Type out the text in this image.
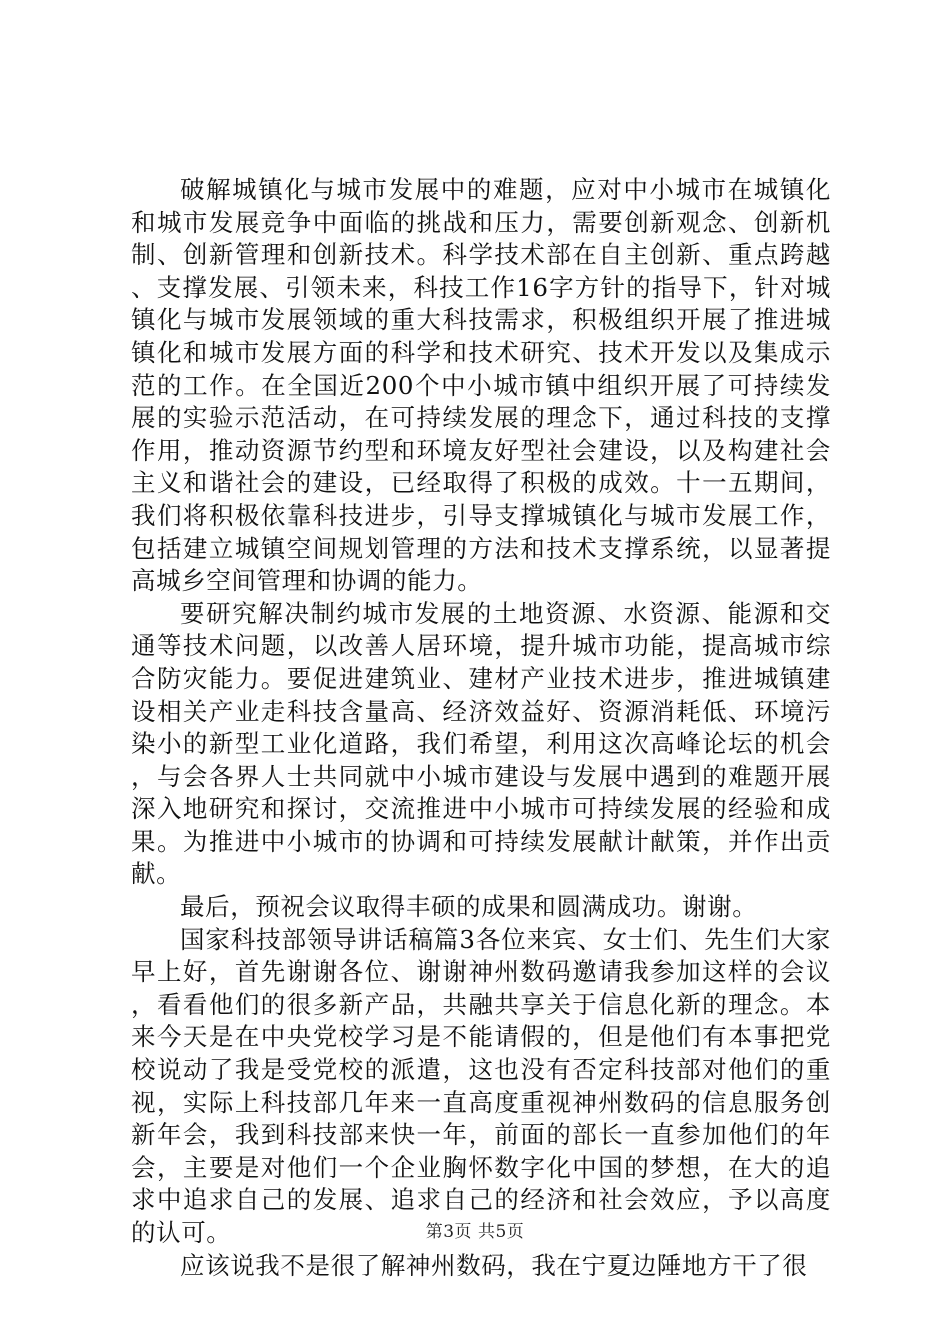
破解城镇化与城市发展中的难题，应对中小城市在城镇化和城市发展竞争中面临的挑战和压力，需要创新观念、创新机制、创新管理和创新技术。科学技术部在自主创新、重点跨越、支撑发展、引领未来，科技工作16字方针的指导下，针对城镇化与城市发展领域的重大科技需求，积极组织开展了推进城镇化和城市发展方面的科学和技术研究、技术开发以及集成示范的工作。在全国近200个中小城市镇中组织开展了可持续发展的实验示范活动，在可持续发展的理念下，通过科技的支撑作用，推动资源节约型和环境友好型社会建设，以及构建社会主义和谐社会的建设，已经取得了积极的成效。十一五期间，我们将积极依靠科技进步，引导支撑城镇化与城市发展工作，包括建立城镇空间规划管理的方法和技术支撑系统，以显著提高城乡空间管理和协调的能力。

要研究解决制约城市发展的土地资源、水资源、能源和交通等技术问题，以改善人居环境，提升城市功能，提高城市综合防灾能力。要促进建筑业、建材产业技术进步，推进城镇建设相关产业走科技含量高、经济效益好、资源消耗低、环境污染小的新型工业化道路，我们希望，利用这次高峰论坛的机会，与会各界人士共同就中小城市建设与发展中遇到的难题开展深入地研究和探讨，交流推进中小城市可持续发展的经验和成果。为推进中小城市的协调和可持续发展献计献策，并作出贡献。

最后，预祝会议取得丰硕的成果和圆满成功。谢谢。

国家科技部领导讲话稿篇3各位来宾、女士们、先生们大家早上好，首先谢谢各位、谢谢神州数码邀请我参加这样的会议，看看他们的很多新产品，共融共享关于信息化新的理念。本来今天是在中央党校学习是不能请假的，但是他们有本事把党校说动了我是受党校的派遣，这也没有否定科技部对他们的重视，实际上科技部几年来一直高度重视神州数码的信息服务创新年会，我到科技部来快一年，前面的部长一直参加他们的年会，主要是对他们一个企业胸怀数字化中国的梦想，在大的追求中追求自己的发展、追求自己的经济和社会效应，予以高度的认可。

应该说我不是很了解神州数码，我在宁夏边陲地方干了很

第3页 共5页
